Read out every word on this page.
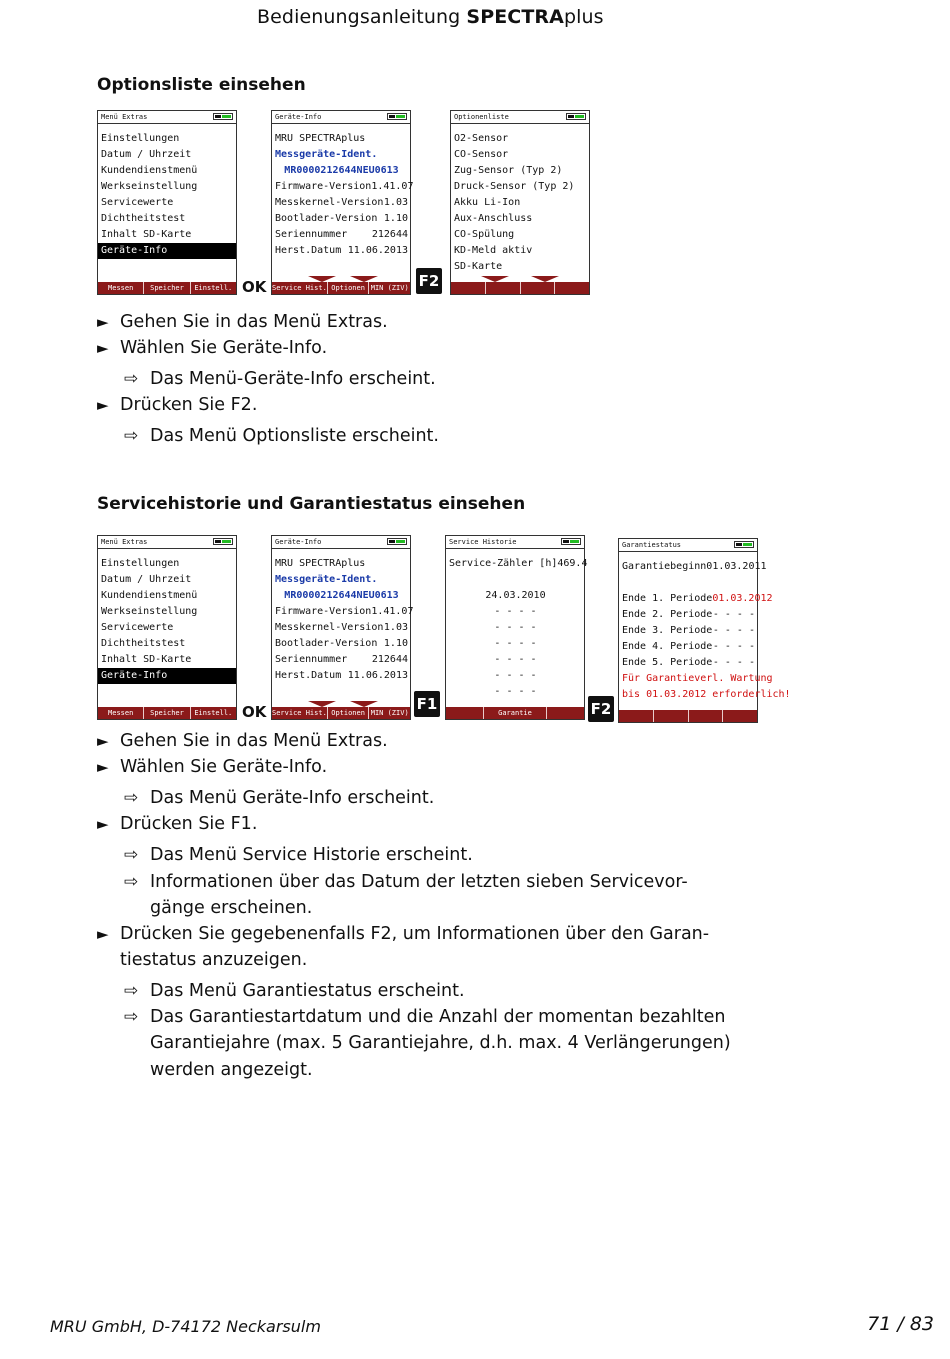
Bedienungsanleitung SPECTRAplus
Optionsliste einsehen
Menü Extras
Einstellungen
Datum / Uhrzeit
Kundendienstmenü
Werkseinstellung
Servicewerte
Dichtheitstest
Inhalt SD-Karte
Geräte-Info
Messen	Speicher	Einstell. OK
Geräte-Info
MRU SPECTRAplus
Messgeräte-Ident.
MR0000212644NEU0613
Firmware-Version 1.41.07
Messkernel-Version 1.03
Bootlader-Version 1.10
Seriennummer 212644
Herst.Datum 11.06.2013
Service Hist. Optionen MIN (ZIV) F2
Optionenliste
O2-Sensor
CO-Sensor
Zug-Sensor (Typ 2)
Druck-Sensor (Typ 2)
Akku Li-Ion
Aux-Anschluss
CO-Spülung
KD-Meld aktiv
SD-Karte
► Gehen Sie in das Menü Extras.
► Wählen Sie Geräte-Info.
⇨ Das Menü-Geräte-Info erscheint.
► Drücken Sie F2.
⇨ Das Menü Optionsliste erscheint.
Servicehistorie und Garantiestatus einsehen
Menü Extras
Einstellungen
Datum / Uhrzeit
Kundendienstmenü
Werkseinstellung
Servicewerte
Dichtheitstest
Inhalt SD-Karte
Geräte-Info
Messen	Speicher	Einstell. OK
Geräte-Info
MRU SPECTRAplus
Messgeräte-Ident.
MR0000212644NEU0613
Firmware-Version 1.41.07
Messkernel-Version 1.03
Bootlader-Version 1.10
Seriennummer 212644
Herst.Datum 11.06.2013
Service Hist. Optionen MIN (ZIV) F1
Service Historie
Service-Zähler [h] 469.4
24.03.2010
- - - -
- - - -
- - - -
- - - -
- - - -
- - - -
Garantie	F2
Garantiestatus
Garantiebeginn 01.03.2011
Ende 1. Periode 01.03.2012
Ende 2. Periode - - - -
Ende 3. Periode - - - -
Ende 4. Periode - - - -
Ende 5. Periode - - - -
Für Garantieverl. Wartung
bis 01.03.2012 erforderlich!
► Gehen Sie in das Menü Extras.
► Wählen Sie Geräte-Info.
⇨ Das Menü Geräte-Info erscheint.
► Drücken Sie F1.
⇨ Das Menü Service Historie erscheint.
⇨ Informationen über das Datum der letzten sieben Servicevor-
gänge erscheinen.
► Drücken Sie gegebenenfalls F2, um Informationen über den Garan-
tiestatus anzuzeigen.
⇨ Das Menü Garantiestatus erscheint.
⇨ Das Garantiestartdatum und die Anzahl der momentan bezahlten
Garantiejahre (max. 5 Garantiejahre, d.h. max. 4 Verlängerungen)
werden angezeigt.
MRU GmbH, D-74172 Neckarsulm	71 / 83
